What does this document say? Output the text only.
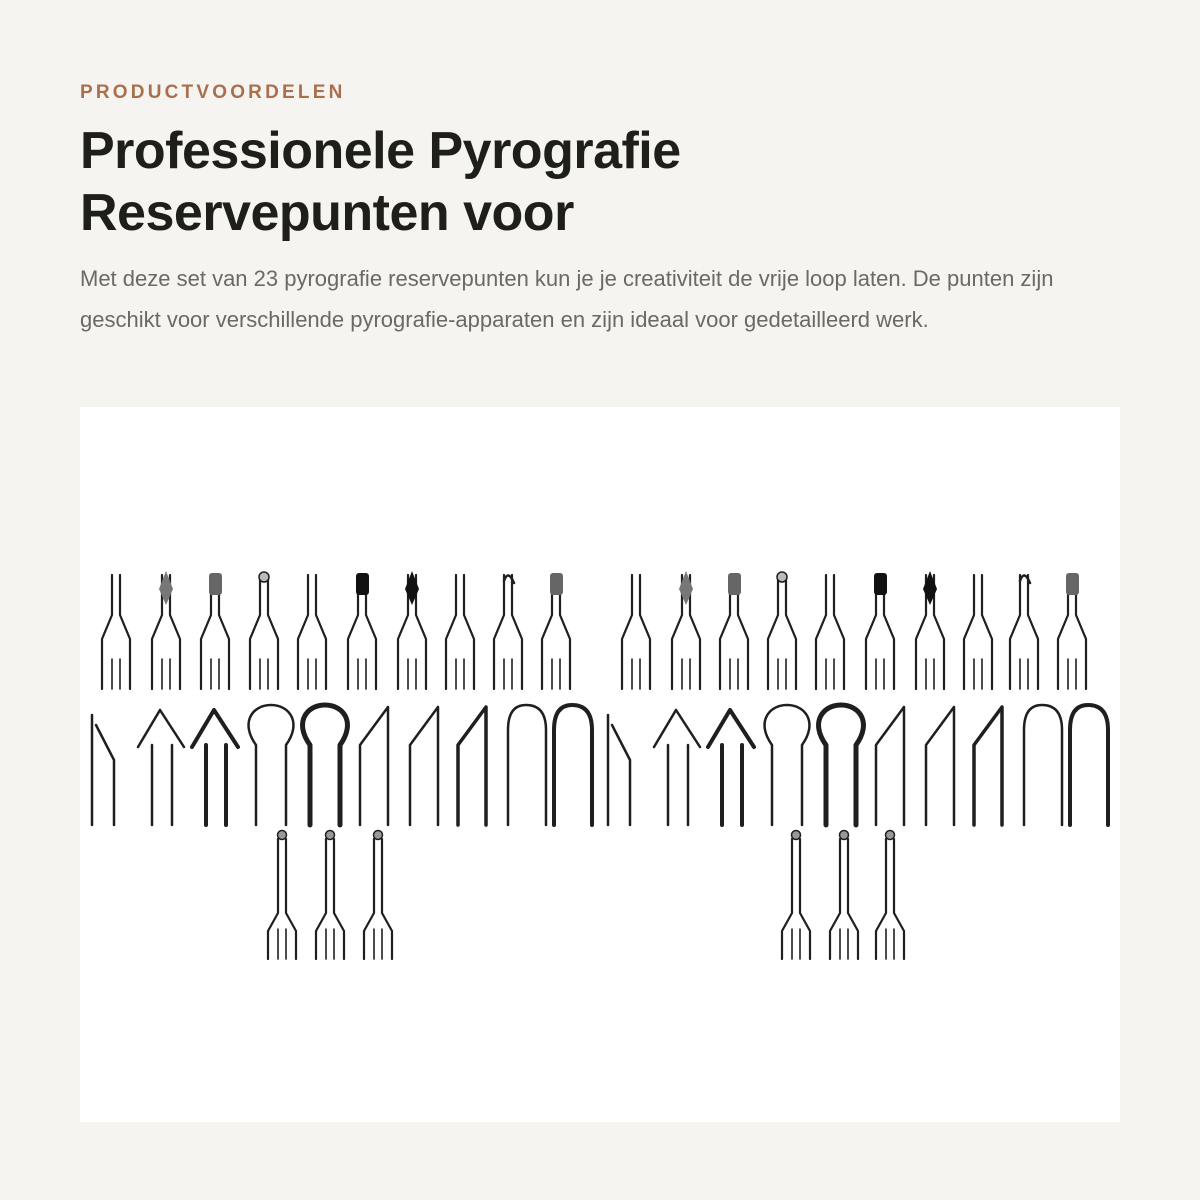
PRODUCTVOORDELEN
Professionele Pyrografie
Reservepunten voor

Met deze set van 23 pyrografie reservepunten kun je je creativiteit de vrije loop laten. De punten zijn geschikt voor verschillende pyrografie-apparaten en zijn ideaal voor gedetailleerd werk.
